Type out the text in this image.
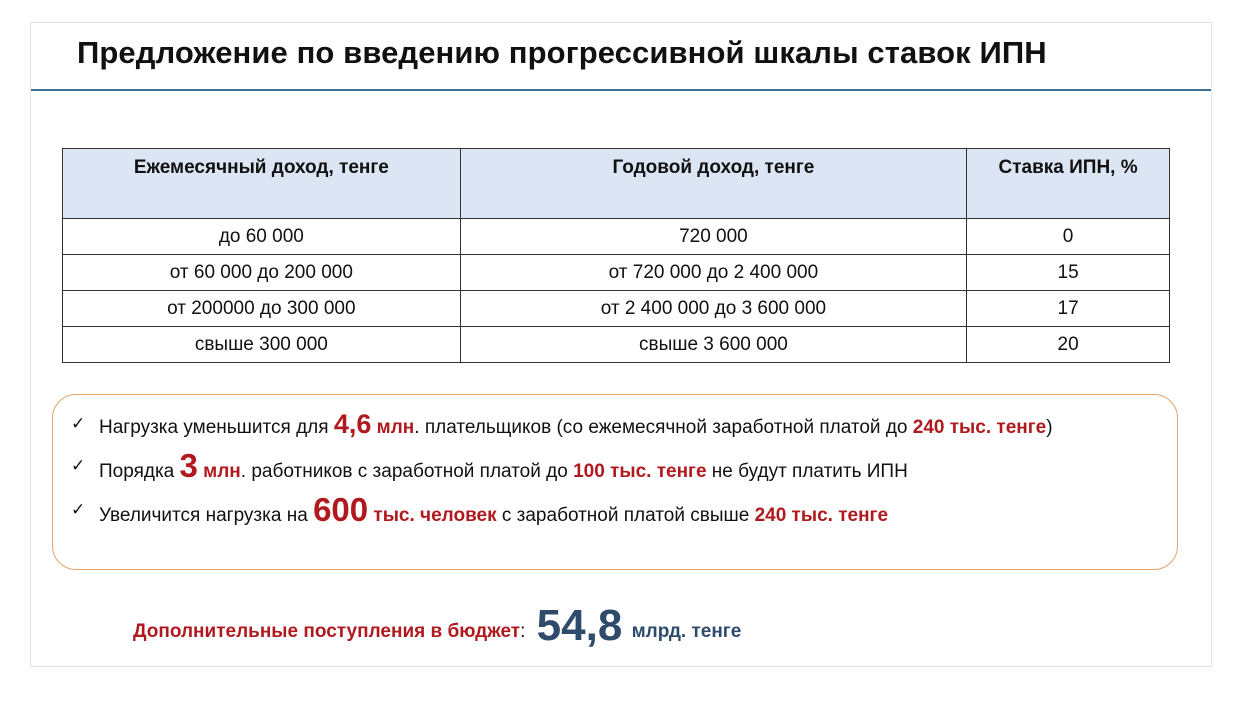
Предложение по введению прогрессивной шкалы ставок ИПН
Ежемесячный доход, тенге	Годовой доход, тенге	Ставка ИПН, %
до 60 000	720 000	0
от 60 000 до 200 000	от 720 000 до 2 400 000	15
от 200000 до 300 000	от 2 400 000 до 3 600 000	17
свыше 300 000	свыше 3 600 000	20
✓ Нагрузка уменьшится для 4,6 млн. плательщиков (со ежемесячной заработной платой до 240 тыс. тенге)
✓ Порядка 3 млн. работников с заработной платой до 100 тыс. тенге не будут платить ИПН
✓ Увеличится нагрузка на 600 тыс. человек с заработной платой свыше 240 тыс. тенге
Дополнительные поступления в бюджет: 54,8 млрд. тенге
